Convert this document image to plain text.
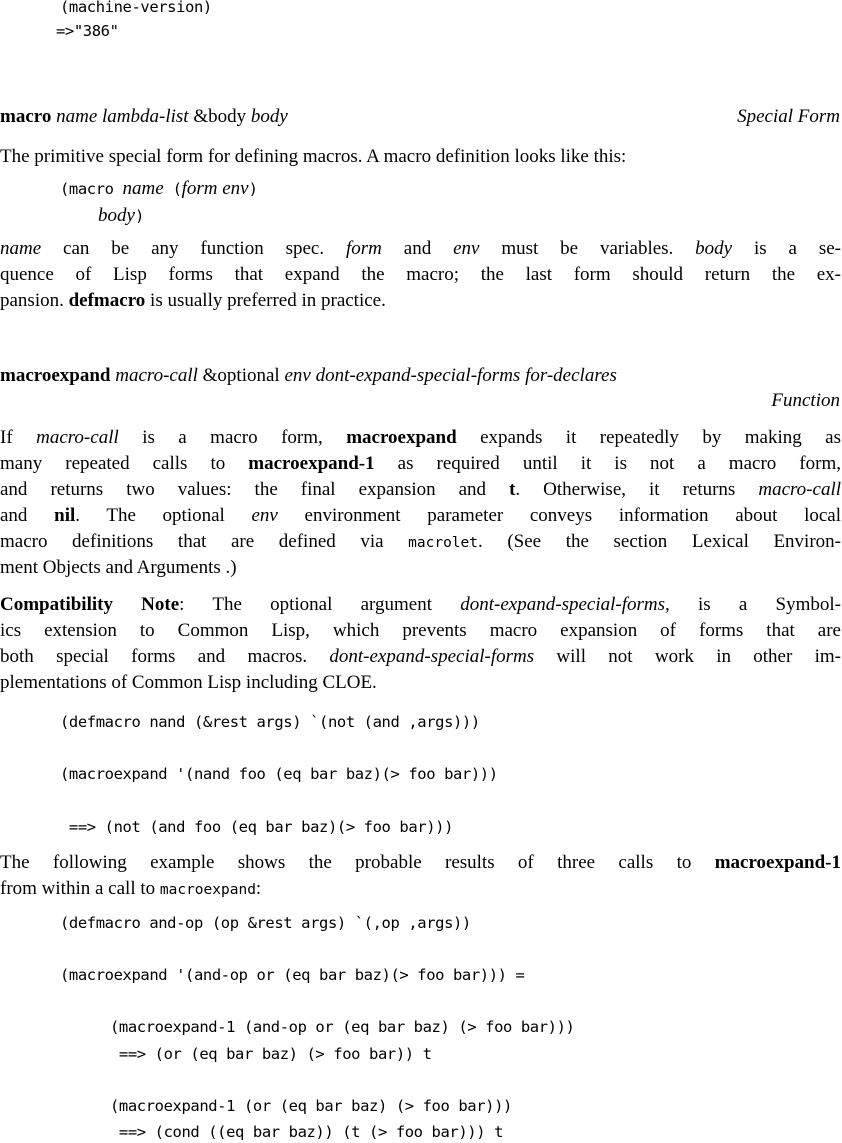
(machine-version)
=>"386"
macro name lambda-list &body body	Special Form
The primitive special form for defining macros. A macro definition looks like this:
(macro name (form env)
body)
name can be any function spec. form and env must be variables. body is a se-
quence of Lisp forms that expand the macro; the last form should return the ex-
pansion. defmacro is usually preferred in practice.
macroexpand macro-call &optional env dont-expand-special-forms for-declares
Function
If macro-call is a macro form, macroexpand expands it repeatedly by making as
many repeated calls to macroexpand-1 as required until it is not a macro form,
and returns two values: the final expansion and t. Otherwise, it returns macro-call
and nil. The optional env environment parameter conveys information about local
macro definitions that are defined via macrolet. (See the section Lexical Environ-
ment Objects and Arguments .)
Compatibility Note: The optional argument dont-expand-special-forms, is a Symbol-
ics extension to Common Lisp, which prevents macro expansion of forms that are
both special forms and macros. dont-expand-special-forms will not work in other im-
plementations of Common Lisp including CLOE.
(defmacro nand (&rest args) `(not (and ,args)))
(macroexpand '(nand foo (eq bar baz)(> foo bar)))
==> (not (and foo (eq bar baz)(> foo bar)))
The following example shows the probable results of three calls to macroexpand-1
from within a call to macroexpand:
(defmacro and-op (op &rest args) `(,op ,args))
(macroexpand '(and-op or (eq bar baz)(> foo bar))) =
(macroexpand-1 (and-op or (eq bar baz) (> foo bar)))
==> (or (eq bar baz) (> foo bar)) t
(macroexpand-1 (or (eq bar baz) (> foo bar)))
==> (cond ((eq bar baz)) (t (> foo bar))) t
